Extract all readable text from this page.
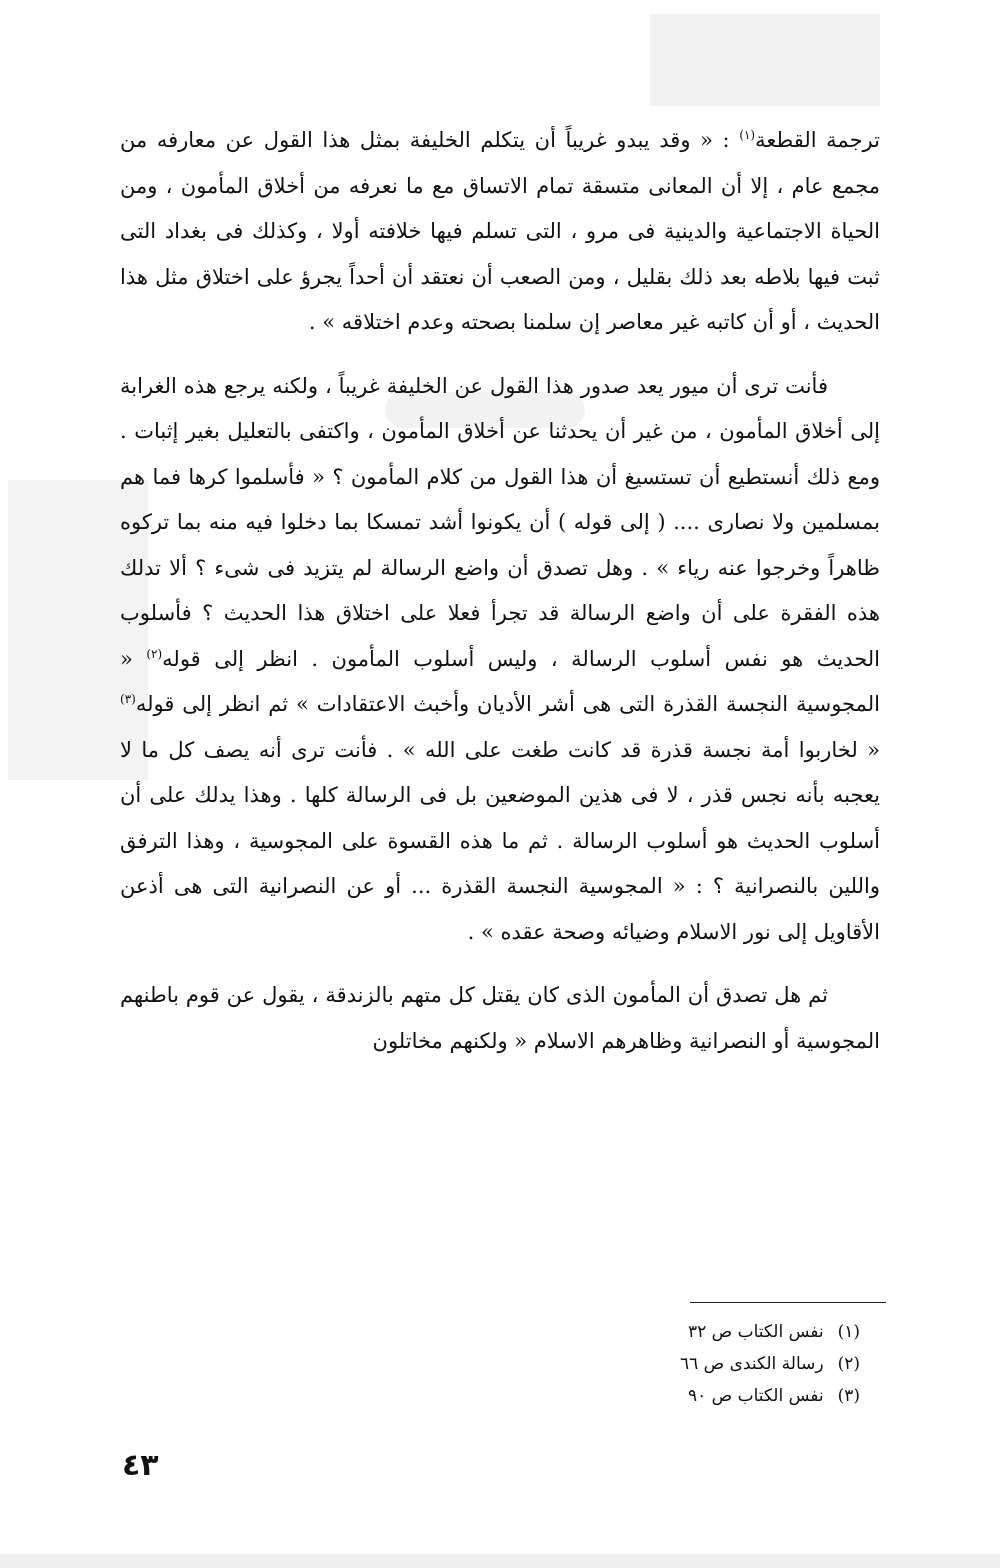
ترجمة القطعة$^{(١)}$ : « وقد يبدو غريباً أن يتكلم الخليفة بمثل هذا القول عن معارفه من مجمع عام ، إلا أن المعانى متسقة تمام الاتساق مع ما نعرفه من أخلاق المأمون ، ومن الحياة الاجتماعية والدينية فى مرو ، التى تسلم فيها خلافته أولا ، وكذلك فى بغداد التى ثبت فيها بلاطه بعد ذلك بقليل ، ومن الصعب أن نعتقد أن أحداً يجرؤ على اختلاق مثل هذا الحديث ، أو أن كاتبه غير معاصر إن سلمنا بصحته وعدم اختلاقه » .

فأنت ترى أن ميور يعد صدور هذا القول عن الخليفة غريباً ، ولكنه يرجع هذه الغرابة إلى أخلاق المأمون ، من غير أن يحدثنا عن أخلاق المأمون ، واكتفى بالتعليل بغير إثبات . ومع ذلك أنستطيع أن تستسيغ أن هذا القول من كلام المأمون ؟ « فأسلموا كرها فما هم بمسلمين ولا نصارى .... ( إلى قوله ) أن يكونوا أشد تمسكا بما دخلوا فيه منه بما تركوه ظاهراً وخرجوا عنه رياء » . وهل تصدق أن واضع الرسالة لم يتزيد فى شىء ؟ ألا تدلك هذه الفقرة على أن واضع الرسالة قد تجرأ فعلا على اختلاق هذا الحديث ؟ فأسلوب الحديث هو نفس أسلوب الرسالة ، وليس أسلوب المأمون . انظر إلى قوله$^{(٢)}$ « المجوسية النجسة القذرة التى هى أشر الأديان وأخبث الاعتقادات » ثم انظر إلى قوله$^{(٣)}$ « لخاربوا أمة نجسة قذرة قد كانت طغت على الله » . فأنت ترى أنه يصف كل ما لا يعجبه بأنه نجس قذر ، لا فى هذين الموضعين بل فى الرسالة كلها . وهذا يدلك على أن أسلوب الحديث هو أسلوب الرسالة . ثم ما هذه القسوة على المجوسية ، وهذا الترفق واللين بالنصرانية ؟ : « المجوسية النجسة القذرة ... أو عن النصرانية التى هى أذعن الأقاويل إلى نور الاسلام وضيائه وصحة عقده » .

ثم هل تصدق أن المأمون الذى كان يقتل كل متهم بالزندقة ، يقول عن قوم باطنهم المجوسية أو النصرانية وظاهرهم الاسلام « ولكنهم مخاتلون

(١)
نفس الكتاب ص ٣٢
(٢)
رسالة الكندى ص ٦٦
(٣)
نفس الكتاب ص ٩٠
٤٣
